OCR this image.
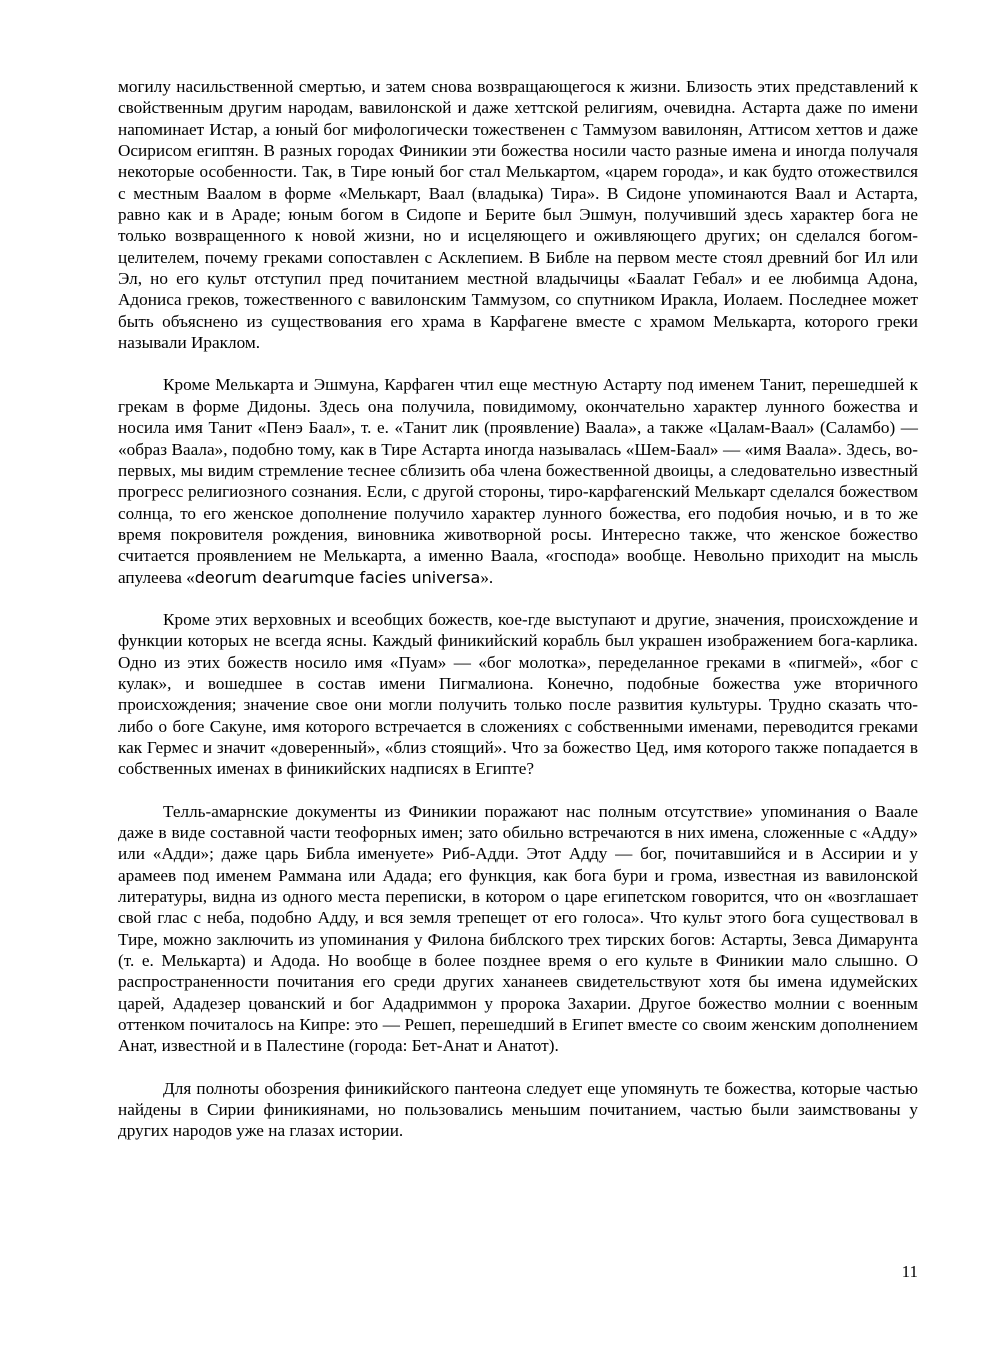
могилу насильственной смертью, и затем снова возвращающегося к жизни. Близость этих представлений к свойственным другим народам, вавилонской и даже хеттской религиям, очевидна. Астарта даже по имени напоминает Истар, а юный бог мифологически тожественен с Таммузом вавилонян, Аттисом хеттов и даже Осирисом египтян. В разных городах Финикии эти божества носили часто разные имена и иногда получаля некоторые особенности. Так, в Тире юный бог стал Мелькартом, «царем города», и как будто отожествился с местным Ваалом в форме «Мелькарт, Ваал (владыка) Тира». В Сидоне упоминаются Ваал и Астарта, равно как и в Араде; юным богом в Сидопе и Берите был Эшмун, получивший здесь характер бога не только возвращенного к новой жизни, но и исцеляющего и оживляющего других; он сделался богом-целителем, почему греками сопоставлен с Асклепием. В Библе на первом месте стоял древний бог Ил или Эл, но его культ отступил пред почитанием местной владычицы «Баалат Гебал» и ее любимца Адона, Адониса греков, тожественного с вавилонским Таммузом, со спутником Иракла, Иолаем. Последнее может быть объяснено из существования его храма в Карфагене вместе с храмом Мелькарта, которого греки называли Ираклом.

Кроме Мелькарта и Эшмуна, Карфаген чтил еще местную Астарту под именем Танит, перешедшей к грекам в форме Дидоны. Здесь она получила, повидимому, окончательно характер лунного божества и носила имя Танит «Пенэ Баал», т. е. «Танит лик (проявление) Ваала», а также «Цалам-Ваал» (Саламбо) — «образ Ваала», подобно тому, как в Тире Астарта иногда называлась «Шем-Баал» — «имя Ваала». Здесь, во-первых, мы видим стремление теснее сблизить оба члена божественной двоицы, а следовательно известный прогресс религиозного сознания. Если, с другой стороны, тиро-карфагенский Мелькарт сделался божеством солнца, то его женское дополнение получило характер лунного божества, его подобия ночью, и в то же время покровителя рождения, виновника животворной росы. Интересно также, что женское божество считается проявлением не Мелькарта, а именно Ваала, «господа» вообще. Невольно приходит на мысль апулеева «deorum dearumque facies universa».

Кроме этих верховных и всеобщих божеств, кое-где выступают и другие, значения, происхождение и функции которых не всегда ясны. Каждый финикийский корабль был украшен изображением бога-карлика. Одно из этих божеств носило имя «Пуам» — «бог молотка», переделанное греками в «пигмей», «бог с кулак», и вошедшее в состав имени Пигмалиона. Конечно, подобные божества уже вторичного происхождения; значение свое они могли получить только после развития культуры. Трудно сказать что-либо о боге Сакуне, имя которого встречается в сложениях с собственными именами, переводится греками как Гермес и значит «доверенный», «близ стоящий». Что за божество Цед, имя которого также попадается в собственных именах в финикийских надписях в Египте?

Телль-амарнские документы из Финикии поражают нас полным отсутствие» упоминания о Ваале даже в виде составной части теофорных имен; зато обильно встречаются в них имена, сложенные с «Адду» или «Адди»; даже царь Библа именуете» Риб-Адди. Этот Адду — бог, почитавшийся и в Ассирии и у арамеев под именем Раммана или Адада; его функция, как бога бури и грома, известная из вавилонской литературы, видна из одного места переписки, в котором о царе египетском говорится, что он «возглашает свой глас с неба, подобно Адду, и вся земля трепещет от его голоса». Что культ этого бога существовал в Тире, можно заключить из упоминания у Филона библского трех тирских богов: Астарты, Зевса Димарунта (т. е. Мелькарта) и Адода. Но вообще в более позднее время о его культе в Финикии мало слышно. О распространенности почитания его среди других хананеев свидетельствуют хотя бы имена идумейских царей, Ададезер цованский и бог Ададриммон у пророка Захарии. Другое божество молнии с военным оттенком почиталось на Кипре: это — Решеп, перешедший в Египет вместе со своим женским дополнением Анат, известной и в Палестине (города: Бет-Анат и Анатот).

Для полноты обозрения финикийского пантеона следует еще упомянуть те божества, которые частью найдены в Сирии финикиянами, но пользовались меньшим почитанием, частью были заимствованы у других народов уже на глазах истории.

11
